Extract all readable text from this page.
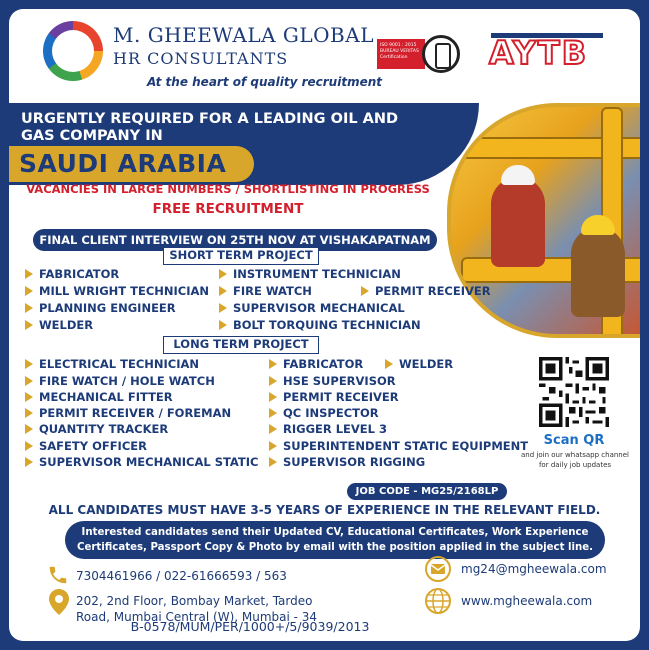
M. GHEEWALA GLOBAL
HR CONSULTANTS
At the heart of quality recruitment
ISO 9001 : 2015 BUREAU VERITAS Certification	AYTB
URGENTLY REQUIRED FOR A LEADING OIL AND
GAS COMPANY IN
SAUDI ARABIA
VACANCIES IN LARGE NUMBERS / SHORTLISTING IN PROGRESS
FREE RECRUITMENT
FINAL CLIENT INTERVIEW ON 25TH NOV AT VISHAKAPATNAM
SHORT TERM PROJECT
FABRICATOR
MILL WRIGHT TECHNICIAN
PLANNING ENGINEER
WELDER
INSTRUMENT TECHNICIAN
FIRE WATCH
SUPERVISOR MECHANICAL
BOLT TORQUING TECHNICIAN
PERMIT RECEIVER
LONG TERM PROJECT
ELECTRICAL TECHNICIAN
FIRE WATCH / HOLE WATCH
MECHANICAL FITTER
PERMIT RECEIVER / FOREMAN
QUANTITY TRACKER
SAFETY OFFICER
SUPERVISOR MECHANICAL STATIC
FABRICATOR
HSE SUPERVISOR
PERMIT RECEIVER
QC INSPECTOR
RIGGER LEVEL 3
SUPERINTENDENT STATIC EQUIPMENT
SUPERVISOR RIGGING
WELDER
Scan QR
and join our whatsapp channel
for daily job updates
JOB CODE - MG25/2168LP
ALL CANDIDATES MUST HAVE 3-5 YEARS OF EXPERIENCE IN THE RELEVANT FIELD.
Interested candidates send their Updated CV, Educational Certificates, Work Experience
Certificates, Passport Copy & Photo by email with the position applied in the subject line.
7304461966 / 022-61666593 / 563
202, 2nd Floor, Bombay Market, Tardeo
Road, Mumbai Central (W), Mumbai - 34
mg24@mgheewala.com
www.mgheewala.com
B-0578/MUM/PER/1000+/5/9039/2013
